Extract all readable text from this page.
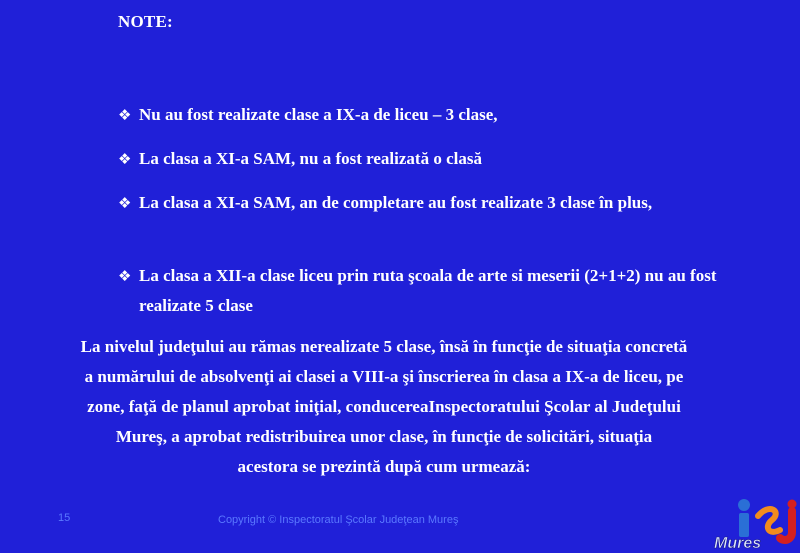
NOTE:
❖ Nu au fost realizate clase a IX-a de liceu – 3 clase,
❖ La clasa a XI-a SAM, nu a fost realizată o clasă
❖ La clasa a XI-a SAM, an de completare au fost realizate 3 clase în plus,
❖ La clasa a XII-a clase liceu prin ruta şcoala de arte si meserii (2+1+2) nu au fost realizate 5 clase
La nivelul judeţului au rămas nerealizate 5 clase, însă în funcţie de situaţia concretă
a numărului de absolvenţi ai clasei a VIII-a şi înscrierea în clasa a IX-a de liceu, pe
zone, faţă de planul aprobat iniţial, conducereaInspectoratului Şcolar al Judeţului
Mureş, a aprobat redistribuirea unor clase, în funcţie de solicitări, situaţia
acestora se prezintă după cum urmează:
15	Copyright © Inspectoratul Şcolar Judeţean Mureş
Mures
